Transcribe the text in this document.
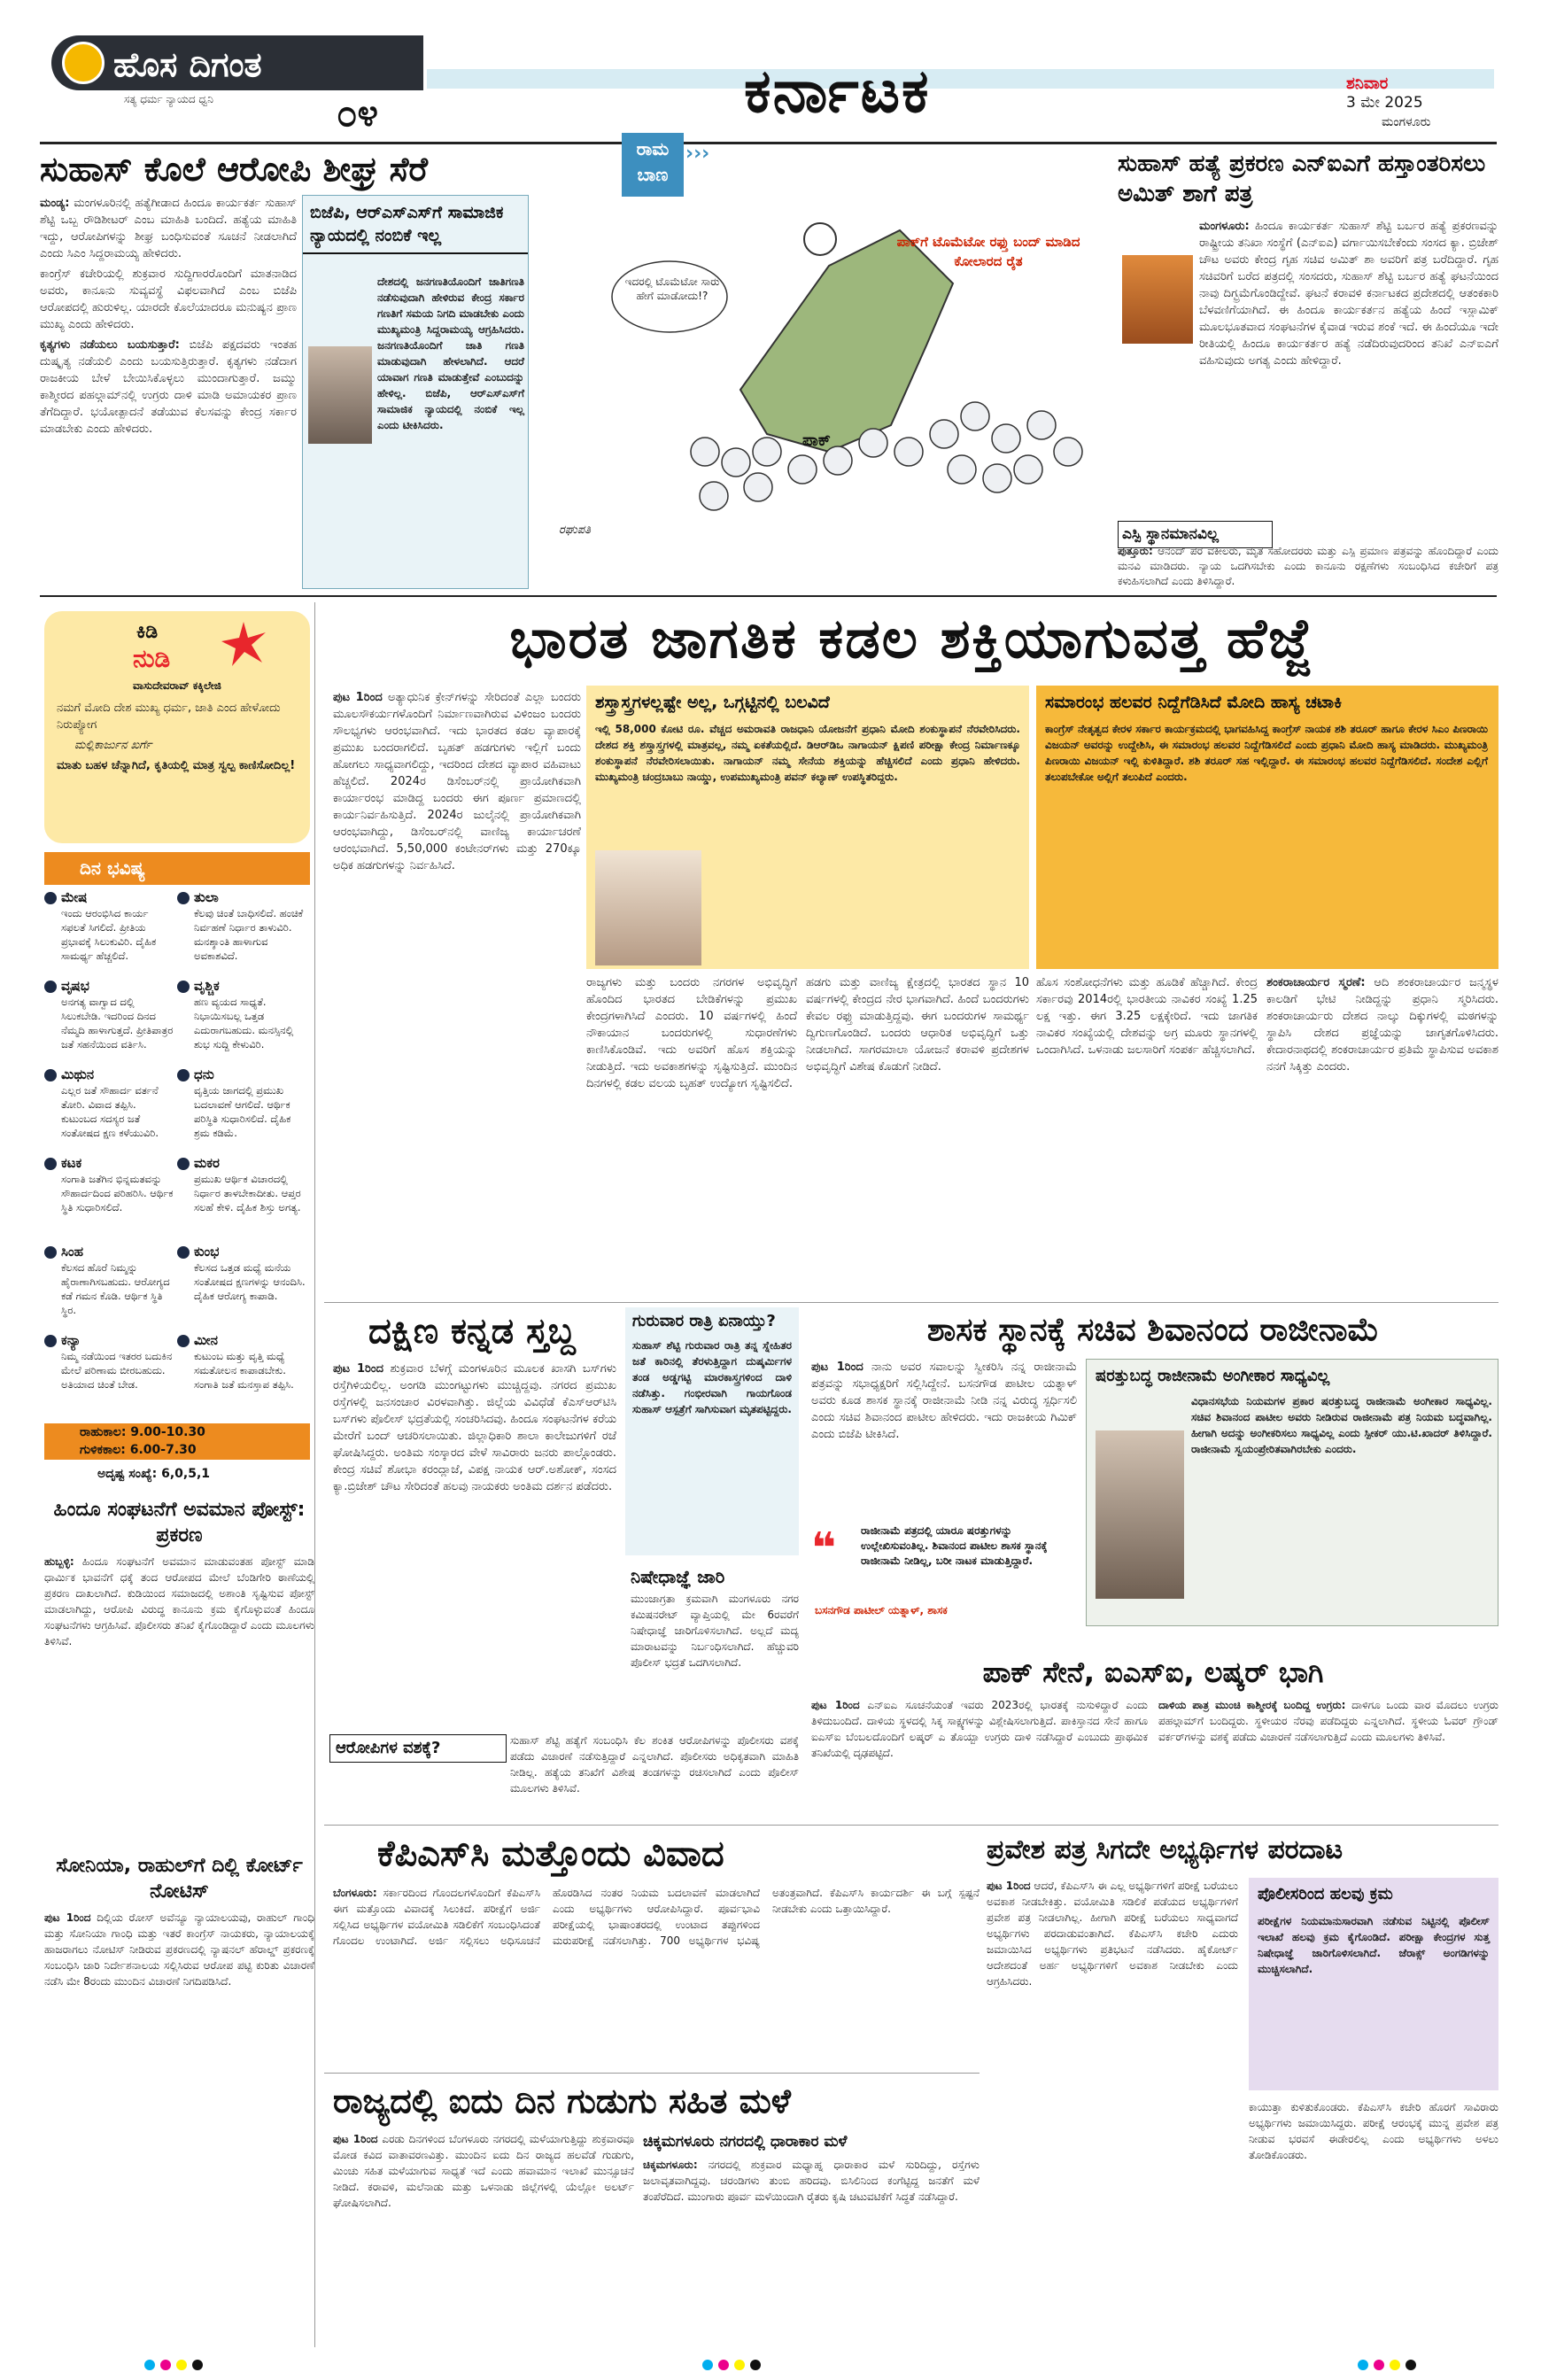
ಹೊಸ ದಿಗಂತ
ಸತ್ಯ ಧರ್ಮ ನ್ಯಾಯದ ಧ್ವನಿ	೦೪	ಕರ್ನಾಟಕ	ಶನಿವಾರ
3 ಮೇ 2025
ಮಂಗಳೂರು
ಸುಹಾಸ್ ಕೊಲೆ ಆರೋಪಿ ಶೀಘ್ರ ಸೆರೆ

ಮಂಡ್ಯ: ಮಂಗಳೂರಿನಲ್ಲಿ ಹತ್ಯೆಗೀಡಾದ ಹಿಂದೂ ಕಾರ್ಯಕರ್ತ ಸುಹಾಸ್ ಶೆಟ್ಟಿ ಒಬ್ಬ ರೌಡಿಶೀಟರ್ ಎಂಬ ಮಾಹಿತಿ ಬಂದಿದೆ. ಹತ್ಯೆಯ ಮಾಹಿತಿ ಇದ್ದು, ಆರೋಪಿಗಳನ್ನು ಶೀಘ್ರ ಬಂಧಿಸುವಂತೆ ಸೂಚನೆ ನೀಡಲಾಗಿದೆ ಎಂದು ಸಿಎಂ ಸಿದ್ದರಾಮಯ್ಯ ಹೇಳಿದರು.

ಕಾಂಗ್ರೆಸ್ ಕಚೇರಿಯಲ್ಲಿ ಶುಕ್ರವಾರ ಸುದ್ದಿಗಾರರೊಂದಿಗೆ ಮಾತನಾಡಿದ ಅವರು, ಕಾನೂನು ಸುವ್ಯವಸ್ಥೆ ವಿಫಲವಾಗಿದೆ ಎಂಬ ಬಿಜೆಪಿ ಆರೋಪದಲ್ಲಿ ಹುರುಳಿಲ್ಲ. ಯಾರದೇ ಕೊಲೆಯಾದರೂ ಮನುಷ್ಯನ ಪ್ರಾಣ ಮುಖ್ಯ ಎಂದು ಹೇಳಿದರು.

ಕೃತ್ಯಗಳು ನಡೆಯಲು ಬಯಸುತ್ತಾರೆ: ಬಿಜೆಪಿ ಪಕ್ಷದವರು ಇಂತಹ ದುಷ್ಕೃತ್ಯ ನಡೆಯಲಿ ಎಂದು ಬಯಸುತ್ತಿರುತ್ತಾರೆ. ಕೃತ್ಯಗಳು ನಡೆದಾಗ ರಾಜಕೀಯ ಬೇಳೆ ಬೇಯಿಸಿಕೊಳ್ಳಲು ಮುಂದಾಗುತ್ತಾರೆ. ಜಮ್ಮು ಕಾಶ್ಮೀರದ ಪಹಲ್ಗಾಮ್‌ನಲ್ಲಿ ಉಗ್ರರು ದಾಳಿ ಮಾಡಿ ಅಮಾಯಕರ ಪ್ರಾಣ ತೆಗೆದಿದ್ದಾರೆ. ಭಯೋತ್ಪಾದನೆ ತಡೆಯುವ ಕೆಲಸವನ್ನು ಕೇಂದ್ರ ಸರ್ಕಾರ ಮಾಡಬೇಕು ಎಂದು ಹೇಳಿದರು.

ಬಿಜೆಪಿ, ಆರ್‌ಎಸ್‌ಎಸ್‌ಗೆ ಸಾಮಾಜಿಕ ನ್ಯಾಯದಲ್ಲಿ ನಂಬಿಕೆ ಇಲ್ಲ
ದೇಶದಲ್ಲಿ ಜನಗಣತಿಯೊಂದಿಗೆ ಜಾತಿಗಣತಿ ನಡೆಸುವುದಾಗಿ ಹೇಳಿರುವ ಕೇಂದ್ರ ಸರ್ಕಾರ ಗಣತಿಗೆ ಸಮಯ ನಿಗದಿ ಮಾಡಬೇಕು ಎಂದು ಮುಖ್ಯಮಂತ್ರಿ ಸಿದ್ದರಾಮಯ್ಯ ಆಗ್ರಹಿಸಿದರು. ಜನಗಣತಿಯೊಂದಿಗೆ ಜಾತಿ ಗಣತಿ ಮಾಡುವುದಾಗಿ ಹೇಳಲಾಗಿದೆ. ಆದರೆ ಯಾವಾಗ ಗಣತಿ ಮಾಡುತ್ತೇವೆ ಎಂಬುದನ್ನು ಹೇಳಿಲ್ಲ. ಬಿಜೆಪಿ, ಆರ್‌ಎಸ್‌ಎಸ್‌ಗೆ ಸಾಮಾಜಿಕ ನ್ಯಾಯದಲ್ಲಿ ನಂಬಿಕೆ ಇಲ್ಲ ಎಂದು ಟೀಕಿಸಿದರು.
ರಾಮ
ಬಾಣ
›››
ಇದರಲ್ಲಿ ಟೊಮೆಟೋ ಸಾರು ಹೇಗೆ ಮಾಡೋದು!?
ಪಾಕ್‌ಗೆ ಟೊಮೆಟೋ ರಫ್ತು ಬಂದ್ ಮಾಡಿದ ಕೋಲಾರದ ರೈತ
ಪಾಕ್
ರಘುಪತಿ
ಸುಹಾಸ್ ಹತ್ಯೆ ಪ್ರಕರಣ ಎನ್‌ಐಎಗೆ ಹಸ್ತಾಂತರಿಸಲು ಅಮಿತ್ ಶಾಗೆ ಪತ್ರ

ಮಂಗಳೂರು: ಹಿಂದೂ ಕಾರ್ಯಕರ್ತ ಸುಹಾಸ್ ಶೆಟ್ಟಿ ಬರ್ಬರ ಹತ್ಯೆ ಪ್ರಕರಣವನ್ನು ರಾಷ್ಟ್ರೀಯ ತನಿಖಾ ಸಂಸ್ಥೆಗೆ (ಎನ್‌ಐಎ) ವರ್ಗಾಯಿಸಬೇಕೆಂದು ಸಂಸದ ಕ್ಯಾ. ಬ್ರಿಜೇಶ್ ಚೌಟ ಅವರು ಕೇಂದ್ರ ಗೃಹ ಸಚಿವ ಅಮಿತ್ ಶಾ ಅವರಿಗೆ ಪತ್ರ ಬರೆದಿದ್ದಾರೆ. ಗೃಹ ಸಚಿವರಿಗೆ ಬರೆದ ಪತ್ರದಲ್ಲಿ ಸಂಸದರು, ಸುಹಾಸ್ ಶೆಟ್ಟಿ ಬರ್ಬರ ಹತ್ಯೆ ಘಟನೆಯಿಂದ ನಾವು ದಿಗ್ಭ್ರಮೆಗೊಂಡಿದ್ದೇವೆ. ಘಟನೆ ಕರಾವಳಿ ಕರ್ನಾಟಕದ ಪ್ರದೇಶದಲ್ಲಿ ಆತಂಕಕಾರಿ ಬೆಳವಣಿಗೆಯಾಗಿದೆ. ಈ ಹಿಂದೂ ಕಾರ್ಯಕರ್ತನ ಹತ್ಯೆಯ ಹಿಂದೆ ಇಸ್ಲಾಮಿಕ್ ಮೂಲಭೂತವಾದ ಸಂಘಟನೆಗಳ ಕೈವಾಡ ಇರುವ ಶಂಕೆ ಇದೆ. ಈ ಹಿಂದೆಯೂ ಇದೇ ರೀತಿಯಲ್ಲಿ ಹಿಂದೂ ಕಾರ್ಯಕರ್ತರ ಹತ್ಯೆ ನಡೆದಿರುವುದರಿಂದ ತನಿಖೆ ಎನ್‌ಐಎಗೆ ವಹಿಸುವುದು ಅಗತ್ಯ ಎಂದು ಹೇಳಿದ್ದಾರೆ.

ಎಸ್ಪಿ ಸ್ಥಾನಮಾನವಿಲ್ಲ
ಪುತ್ತೂರು: ಆನಂದ್ ಪರ ವಕೀಲರು, ಮೃತ ಸಹೋದರರು ಮತ್ತು ಎಸ್ಪಿ ಪ್ರಮಾಣ ಪತ್ರವನ್ನು ಹೊಂದಿದ್ದಾರೆ ಎಂದು ಮನವಿ ಮಾಡಿದರು. ನ್ಯಾಯ ಒದಗಿಸಬೇಕು ಎಂದು ಕಾನೂನು ರಕ್ಷಣೆಗಳು ಸಂಬಂಧಿಸಿದ ಕಚೇರಿಗೆ ಪತ್ರ ಕಳುಹಿಸಲಾಗಿದೆ ಎಂದು ತಿಳಿಸಿದ್ದಾರೆ.
ಕಿಡಿ
ನುಡಿ
ವಾಸುದೇವರಾವ್ ಕಕ್ಕಿಲೇಜಿ
ನಮಗೆ ಮೋದಿ ದೇಶ ಮುಖ್ಯ ಧರ್ಮ, ಜಾತಿ ಎಂದ ಹೇಳೋದು ನಿರುಪ್ಯೋಗ
ಮಲ್ಲಿಕಾರ್ಜುನ ಖರ್ಗೆ
ಮಾತು ಬಹಳ ಚೆನ್ನಾಗಿದೆ, ಕೃತಿಯಲ್ಲಿ ಮಾತ್ರ ಸ್ವಲ್ಪ ಕಾಣಿಸೋದಿಲ್ಲ!
ದಿನ ಭವಿಷ್ಯ
ಮೇಷ
ಇಂದು ಆರಂಭಿಸಿದ ಕಾರ್ಯ ಸಫಲತೆ ಸಿಗಲಿದೆ. ಪ್ರೀತಿಯ ಪ್ರಭಾವಕ್ಕೆ ಸಿಲುಕುವಿರಿ. ದೈಹಿಕ ಸಾಮರ್ಥ್ಯ ಹೆಚ್ಚಲಿದೆ.
ತುಲಾ
ಕೆಲವು ಚಿಂತೆ ಬಾಧಿಸಲಿದೆ. ಹಂಚಿಕೆ ನಿರ್ವಹಣೆ ನಿರ್ಧಾರ ತಾಳುವಿರಿ. ಮನಶ್ಶಾಂತಿ ಹಾಳಾಗುವ ಅವಕಾಶವಿದೆ.
ವೃಷಭ
ಅನಗತ್ಯ ವಾಗ್ವಾದ ದಲ್ಲಿ ಸಿಲುಕಬೇಡಿ. ಇದರಿಂದ ದಿನದ ನೆಮ್ಮದಿ ಹಾಳಾಗುತ್ತದೆ. ಪ್ರೀತಿಪಾತ್ರರ ಜತೆ ಸಹನೆಯಿಂದ ವರ್ತಿಸಿ.
ವೃಶ್ಚಿಕ
ಹಣ ವ್ಯಯದ ಸಾಧ್ಯತೆ. ನಿಭಾಯಿಸಬಲ್ಲ ಒತ್ತಡ ಎದುರಾಗಬಹುದು. ಮನಸ್ಸಿನಲ್ಲಿ ಶುಭ ಸುದ್ದಿ ಕೇಳುವಿರಿ.
ಮಿಥುನ
ಎಲ್ಲರ ಜತೆ ಸೌಹಾರ್ದ ವರ್ತನೆ ತೋರಿ. ವಿವಾದ ತಪ್ಪಿಸಿ. ಕುಟುಂಬದ ಸದಸ್ಯರ ಜತೆ ಸಂತೋಷದ ಕ್ಷಣ ಕಳೆಯುವಿರಿ.
ಧನು
ವೃತ್ತಿಯ ಜಾಗದಲ್ಲಿ ಪ್ರಮುಖ ಬದಲಾವಣೆ ಆಗಲಿದೆ. ಆರ್ಥಿಕ ಪರಿಸ್ಥಿತಿ ಸುಧಾರಿಸಲಿದೆ. ದೈಹಿಕ ಶ್ರಮ ಕಡಿಮೆ.
ಕಟಕ
ಸಂಗಾತಿ ಜತೆಗಿನ ಭಿನ್ನಮತವನ್ನು ಸೌಹಾರ್ದದಿಂದ ಪರಿಹರಿಸಿ. ಆರ್ಥಿಕ ಸ್ಥಿತಿ ಸುಧಾರಿಸಲಿದೆ.
ಮಕರ
ಪ್ರಮುಖ ಆರ್ಥಿಕ ವಿಚಾರದಲ್ಲಿ ನಿರ್ಧಾರ ತಾಳಬೇಕಾದೀತು. ಆಪ್ತರ ಸಲಹೆ ಕೇಳಿ. ದೈಹಿಕ ಶಿಸ್ತು ಅಗತ್ಯ.
ಸಿಂಹ
ಕೆಲಸದ ಹೊರೆ ನಿಮ್ಮನ್ನು ಹೈರಾಣಾಗಿಸಬಹುದು. ಆರೋಗ್ಯದ ಕಡೆ ಗಮನ ಕೊಡಿ. ಆರ್ಥಿಕ ಸ್ಥಿತಿ ಸ್ಥಿರ.
ಕುಂಭ
ಕೆಲಸದ ಒತ್ತಡ ಮಧ್ಯೆ ಮನೆಯ ಸಂತೋಷದ ಕ್ಷಣಗಳನ್ನು ಆನಂದಿಸಿ. ದೈಹಿಕ ಆರೋಗ್ಯ ಕಾಪಾಡಿ.
ಕನ್ಯಾ
ನಿಮ್ಮ ನಡೆಯಿಂದ ಇತರರ ಬದುಕಿನ ಮೇಲೆ ಪರಿಣಾಮ ಬೀರಬಹುದು. ಅತಿಯಾದ ಚಿಂತೆ ಬೇಡ.
ಮೀನ
ಕುಟುಂಬ ಮತ್ತು ವೃತ್ತಿ ಮಧ್ಯೆ ಸಮತೋಲನ ಕಾಪಾಡಬೇಕು. ಸಂಗಾತಿ ಜತೆ ಮನಸ್ತಾಪ ತಪ್ಪಿಸಿ.
ರಾಹುಕಾಲ: 9.00-10.30
ಗುಳಿಕಕಾಲ: 6.00-7.30
ಅದೃಷ್ಟ ಸಂಖ್ಯೆ: 6,0,5,1
ಹಿಂದೂ ಸಂಘಟನೆಗೆ ಅವಮಾನ ಪೋಸ್ಟ್: ಪ್ರಕರಣ
ಹುಬ್ಬಳ್ಳಿ: ಹಿಂದೂ ಸಂಘಟನೆಗೆ ಅವಮಾನ ಮಾಡುವಂತಹ ಪೋಸ್ಟ್ ಮಾಡಿ ಧಾರ್ಮಿಕ ಭಾವನೆಗೆ ಧಕ್ಕೆ ತಂದ ಆರೋಪದ ಮೇಲೆ ಬೆಂಡಿಗೇರಿ ಠಾಣೆಯಲ್ಲಿ ಪ್ರಕರಣ ದಾಖಲಾಗಿದೆ. ಕುಡಿಯಿಂದ ಸಮಾಜದಲ್ಲಿ ಅಶಾಂತಿ ಸೃಷ್ಟಿಸುವ ಪೋಸ್ಟ್ ಮಾಡಲಾಗಿದ್ದು, ಆರೋಪಿ ವಿರುದ್ಧ ಕಾನೂನು ಕ್ರಮ ಕೈಗೊಳ್ಳುವಂತೆ ಹಿಂದೂ ಸಂಘಟನೆಗಳು ಆಗ್ರಹಿಸಿವೆ. ಪೊಲೀಸರು ತನಿಖೆ ಕೈಗೊಂಡಿದ್ದಾರೆ ಎಂದು ಮೂಲಗಳು ತಿಳಿಸಿವೆ.
ಸೋನಿಯಾ, ರಾಹುಲ್‌ಗೆ ದಿಲ್ಲಿ ಕೋರ್ಟ್ ನೋಟಿಸ್
ಪುಟ 1ರಿಂದ ದಿಲ್ಲಿಯ ರೋಸ್ ಅವೆನ್ಯೂ ನ್ಯಾಯಾಲಯವು, ರಾಹುಲ್ ಗಾಂಧಿ ಮತ್ತು ಸೋನಿಯಾ ಗಾಂಧಿ ಮತ್ತು ಇತರೆ ಕಾಂಗ್ರೆಸ್ ನಾಯಕರು, ನ್ಯಾಯಾಲಯಕ್ಕೆ ಹಾಜರಾಗಲು ನೋಟಿಸ್ ನೀಡಿರುವ ಪ್ರಕರಣದಲ್ಲಿ ನ್ಯಾಷನಲ್ ಹೆರಾಲ್ಡ್ ಪ್ರಕರಣಕ್ಕೆ ಸಂಬಂಧಿಸಿ ಜಾರಿ ನಿರ್ದೇಶನಾಲಯ ಸಲ್ಲಿಸಿರುವ ಆರೋಪ ಪಟ್ಟಿ ಕುರಿತು ವಿಚಾರಣೆ ನಡೆಸಿ ಮೇ 8ರಂದು ಮುಂದಿನ ವಿಚಾರಣೆ ನಿಗದಿಪಡಿಸಿದೆ.
ಭಾರತ ಜಾಗತಿಕ ಕಡಲ ಶಕ್ತಿಯಾಗುವತ್ತ ಹೆಜ್ಜೆ
ಪುಟ 1ರಿಂದ ಅತ್ಯಾಧುನಿಕ ಕ್ರೇನ್‌ಗಳನ್ನು ಸೇರಿದಂತೆ ಎಲ್ಲಾ ಬಂದರು ಮೂಲಸೌಕರ್ಯಗಳೊಂದಿಗೆ ನಿರ್ಮಾಣವಾಗಿರುವ ವಿಳಿಂಜಂ ಬಂದರು ಸೌಲಭ್ಯಗಳು ಆರಂಭವಾಗಿದೆ. ಇದು ಭಾರತದ ಕಡಲ ವ್ಯಾಪಾರಕ್ಕೆ ಪ್ರಮುಖ ಬಂದರಾಗಲಿದೆ. ಬೃಹತ್ ಹಡಗುಗಳು ಇಲ್ಲಿಗೆ ಬಂದು ಹೋಗಲು ಸಾಧ್ಯವಾಗಲಿದ್ದು, ಇದರಿಂದ ದೇಶದ ವ್ಯಾಪಾರ ವಹಿವಾಟು ಹೆಚ್ಚಲಿದೆ. 2024ರ ಡಿಸೆಂಬರ್‌ನಲ್ಲಿ ಪ್ರಾಯೋಗಿಕವಾಗಿ ಕಾರ್ಯಾರಂಭ ಮಾಡಿದ್ದ ಬಂದರು ಈಗ ಪೂರ್ಣ ಪ್ರಮಾಣದಲ್ಲಿ ಕಾರ್ಯನಿರ್ವಹಿಸುತ್ತಿದೆ. 2024ರ ಜುಲೈನಲ್ಲಿ ಪ್ರಾಯೋಗಿಕವಾಗಿ ಆರಂಭವಾಗಿದ್ದು, ಡಿಸೆಂಬರ್‌ನಲ್ಲಿ ವಾಣಿಜ್ಯ ಕಾರ್ಯಾಚರಣೆ ಆರಂಭವಾಗಿದೆ. 5,50,000 ಕಂಟೇನರ್‌ಗಳು ಮತ್ತು 270ಕ್ಕೂ ಅಧಿಕ ಹಡಗುಗಳನ್ನು ನಿರ್ವಹಿಸಿದೆ.
ಶಸ್ತ್ರಾಸ್ತ್ರಗಳಲ್ಲಷ್ಟೇ ಅಲ್ಲ, ಒಗ್ಗಟ್ಟಿನಲ್ಲಿ ಬಲವಿದೆ
ಇಲ್ಲಿ 58,000 ಕೋಟಿ ರೂ. ವೆಚ್ಚದ ಅಮರಾವತಿ ರಾಜಧಾನಿ ಯೋಜನೆಗೆ ಪ್ರಧಾನಿ ಮೋದಿ ಶಂಕುಸ್ಥಾಪನೆ ನೆರವೇರಿಸಿದರು. ದೇಶದ ಶಕ್ತಿ ಶಸ್ತ್ರಾಸ್ತ್ರಗಳಲ್ಲಿ ಮಾತ್ರವಲ್ಲ, ನಮ್ಮ ಏಕತೆಯಲ್ಲಿದೆ. ಡಿಆರ್‌ಡಿಒ ನಾಗಾಯನ್ ಕ್ಷಿಪಣಿ ಪರೀಕ್ಷಾ ಕೇಂದ್ರ ನಿರ್ಮಾಣಕ್ಕೂ ಶಂಕುಸ್ಥಾಪನೆ ನೆರವೇರಿಸಲಾಯಿತು. ನಾಗಾಯನ್ ನಮ್ಮ ಸೇನೆಯ ಶಕ್ತಿಯನ್ನು ಹೆಚ್ಚಿಸಲಿದೆ ಎಂದು ಪ್ರಧಾನಿ ಹೇಳಿದರು. ಮುಖ್ಯಮಂತ್ರಿ ಚಂದ್ರಬಾಬು ನಾಯ್ಡು, ಉಪಮುಖ್ಯಮಂತ್ರಿ ಪವನ್ ಕಲ್ಯಾಣ್ ಉಪಸ್ಥಿತರಿದ್ದರು.
ಸಮಾರಂಭ ಹಲವರ ನಿದ್ದೆಗೆಡಿಸಿದೆ ಮೋದಿ ಹಾಸ್ಯ ಚಟಾಕಿ
ಕಾಂಗ್ರೆಸ್ ನೇತೃತ್ವದ ಕೇರಳ ಸರ್ಕಾರ ಕಾರ್ಯಕ್ರಮದಲ್ಲಿ ಭಾಗವಹಿಸಿದ್ದ ಕಾಂಗ್ರೆಸ್ ನಾಯಕ ಶಶಿ ತರೂರ್ ಹಾಗೂ ಕೇರಳ ಸಿಎಂ ಪಿಣರಾಯಿ ವಿಜಯನ್ ಅವರನ್ನು ಉದ್ದೇಶಿಸಿ, ಈ ಸಮಾರಂಭ ಹಲವರ ನಿದ್ದೆಗೆಡಿಸಲಿದೆ ಎಂದು ಪ್ರಧಾನಿ ಮೋದಿ ಹಾಸ್ಯ ಮಾಡಿದರು. ಮುಖ್ಯಮಂತ್ರಿ ಪಿಣರಾಯಿ ವಿಜಯನ್ ಇಲ್ಲಿ ಕುಳಿತಿದ್ದಾರೆ. ಶಶಿ ತರೂರ್ ಸಹ ಇಲ್ಲಿದ್ದಾರೆ. ಈ ಸಮಾರಂಭ ಹಲವರ ನಿದ್ದೆಗೆಡಿಸಲಿದೆ. ಸಂದೇಶ ಎಲ್ಲಿಗೆ ತಲುಪಬೇಕೋ ಅಲ್ಲಿಗೆ ತಲುಪಿದೆ ಎಂದರು.
ರಾಜ್ಯಗಳು ಮತ್ತು ಬಂದರು ನಗರಗಳ ಅಭಿವೃದ್ಧಿಗೆ ಹೊಂದಿದ ಭಾರತದ ಬೇಡಿಕೆಗಳನ್ನು ಪ್ರಮುಖ ಕೇಂದ್ರಗಳಾಗಿಸಿದೆ ಎಂದರು. 10 ವರ್ಷಗಳಲ್ಲಿ ಹಿಂದೆ ನೌಕಾಯಾನ ಬಂದರುಗಳಲ್ಲಿ ಸುಧಾರಣೆಗಳು ಕಾಣಿಸಿಕೊಂಡಿವೆ. ಇದು ಅವರಿಗೆ ಹೊಸ ಶಕ್ತಿಯನ್ನು ನೀಡುತ್ತಿದೆ. ಇದು ಅವಕಾಶಗಳನ್ನು ಸೃಷ್ಟಿಸುತ್ತಿದೆ. ಮುಂದಿನ ದಿನಗಳಲ್ಲಿ ಕಡಲ ವಲಯ ಬೃಹತ್ ಉದ್ಯೋಗ ಸೃಷ್ಟಿಸಲಿದೆ.
ಹಡಗು ಮತ್ತು ವಾಣಿಜ್ಯ ಕ್ಷೇತ್ರದಲ್ಲಿ ಭಾರತದ ಸ್ಥಾನ 10 ವರ್ಷಗಳಲ್ಲಿ ಕೇಂದ್ರದ ನೇರ ಭಾಗವಾಗಿದೆ. ಹಿಂದೆ ಬಂದರುಗಳು ಕೇವಲ ರಫ್ತು ಮಾಡುತ್ತಿದ್ದವು. ಈಗ ಬಂದರುಗಳ ಸಾಮರ್ಥ್ಯ ದ್ವಿಗುಣಗೊಂಡಿದೆ. ಬಂದರು ಆಧಾರಿತ ಅಭಿವೃದ್ಧಿಗೆ ಒತ್ತು ನೀಡಲಾಗಿದೆ. ಸಾಗರಮಾಲಾ ಯೋಜನೆ ಕರಾವಳಿ ಪ್ರದೇಶಗಳ ಅಭಿವೃದ್ಧಿಗೆ ವಿಶೇಷ ಕೊಡುಗೆ ನೀಡಿದೆ.
ಹೊಸ ಸಂಶೋಧನೆಗಳು ಮತ್ತು ಹೂಡಿಕೆ ಹೆಚ್ಚಾಗಿದೆ. ಕೇಂದ್ರ ಸರ್ಕಾರವು 2014ರಲ್ಲಿ ಭಾರತೀಯ ನಾವಿಕರ ಸಂಖ್ಯೆ 1.25 ಲಕ್ಷ ಇತ್ತು. ಈಗ 3.25 ಲಕ್ಷಕ್ಕೇರಿದೆ. ಇದು ಜಾಗತಿಕ ನಾವಿಕರ ಸಂಖ್ಯೆಯಲ್ಲಿ ದೇಶವನ್ನು ಅಗ್ರ ಮೂರು ಸ್ಥಾನಗಳಲ್ಲಿ ಒಂದಾಗಿಸಿದೆ. ಒಳನಾಡು ಜಲಸಾರಿಗೆ ಸಂಪರ್ಕ ಹೆಚ್ಚಿಸಲಾಗಿದೆ.
ಶಂಕರಾಚಾರ್ಯರ ಸ್ಮರಣೆ: ಆದಿ ಶಂಕರಾಚಾರ್ಯರ ಜನ್ಮಸ್ಥಳ ಕಾಲಡಿಗೆ ಭೇಟಿ ನೀಡಿದ್ದನ್ನು ಪ್ರಧಾನಿ ಸ್ಮರಿಸಿದರು. ಶಂಕರಾಚಾರ್ಯರು ದೇಶದ ನಾಲ್ಕು ದಿಕ್ಕುಗಳಲ್ಲಿ ಮಠಗಳನ್ನು ಸ್ಥಾಪಿಸಿ ದೇಶದ ಪ್ರಜ್ಞೆಯನ್ನು ಜಾಗೃತಗೊಳಿಸಿದರು. ಕೇದಾರನಾಥದಲ್ಲಿ ಶಂಕರಾಚಾರ್ಯರ ಪ್ರತಿಮೆ ಸ್ಥಾಪಿಸುವ ಅವಕಾಶ ನನಗೆ ಸಿಕ್ಕಿತ್ತು ಎಂದರು.
ದಕ್ಷಿಣ ಕನ್ನಡ ಸ್ತಬ್ದ
ಪುಟ 1ರಿಂದ ಶುಕ್ರವಾರ ಬೆಳಗ್ಗೆ ಮಂಗಳೂರಿನ ಮೂಲಕ ಖಾಸಗಿ ಬಸ್‌ಗಳು ರಸ್ತೆಗಿಳಿಯಲಿಲ್ಲ. ಅಂಗಡಿ ಮುಂಗಟ್ಟುಗಳು ಮುಚ್ಚಿದ್ದವು. ನಗರದ ಪ್ರಮುಖ ರಸ್ತೆಗಳಲ್ಲಿ ಜನಸಂಚಾರ ವಿರಳವಾಗಿತ್ತು. ಜಿಲ್ಲೆಯ ವಿವಿಧೆಡೆ ಕೆಎಸ್‌ಆರ್‌ಟಿಸಿ ಬಸ್‌ಗಳು ಪೊಲೀಸ್ ಭದ್ರತೆಯಲ್ಲಿ ಸಂಚರಿಸಿದವು. ಹಿಂದೂ ಸಂಘಟನೆಗಳ ಕರೆಯ ಮೇರೆಗೆ ಬಂದ್ ಆಚರಿಸಲಾಯಿತು. ಜಿಲ್ಲಾಧಿಕಾರಿ ಶಾಲಾ ಕಾಲೇಜುಗಳಿಗೆ ರಜೆ ಘೋಷಿಸಿದ್ದರು. ಅಂತಿಮ ಸಂಸ್ಕಾರದ ವೇಳೆ ಸಾವಿರಾರು ಜನರು ಪಾಲ್ಗೊಂಡರು. ಕೇಂದ್ರ ಸಚಿವೆ ಶೋಭಾ ಕರಂದ್ಲಾಜೆ, ವಿಪಕ್ಷ ನಾಯಕ ಆರ್.ಅಶೋಕ್, ಸಂಸದ ಕ್ಯಾ.ಬ್ರಿಜೇಶ್ ಚೌಟ ಸೇರಿದಂತೆ ಹಲವು ನಾಯಕರು ಅಂತಿಮ ದರ್ಶನ ಪಡೆದರು.
ಗುರುವಾರ ರಾತ್ರಿ ಏನಾಯ್ತು?
ಸುಹಾಸ್ ಶೆಟ್ಟಿ ಗುರುವಾರ ರಾತ್ರಿ ತನ್ನ ಸ್ನೇಹಿತರ ಜತೆ ಕಾರಿನಲ್ಲಿ ತೆರಳುತ್ತಿದ್ದಾಗ ದುಷ್ಕರ್ಮಿಗಳ ತಂಡ ಅಡ್ಡಗಟ್ಟಿ ಮಾರಕಾಸ್ತ್ರಗಳಿಂದ ದಾಳಿ ನಡೆಸಿತ್ತು. ಗಂಭೀರವಾಗಿ ಗಾಯಗೊಂಡ ಸುಹಾಸ್ ಆಸ್ಪತ್ರೆಗೆ ಸಾಗಿಸುವಾಗ ಮೃತಪಟ್ಟಿದ್ದರು.
ನಿಷೇಧಾಜ್ಞೆ ಜಾರಿ
ಮುಂಜಾಗ್ರತಾ ಕ್ರಮವಾಗಿ ಮಂಗಳೂರು ನಗರ ಕಮಿಷನರೇಟ್ ವ್ಯಾಪ್ತಿಯಲ್ಲಿ ಮೇ 6ರವರೆಗೆ ನಿಷೇಧಾಜ್ಞೆ ಜಾರಿಗೊಳಿಸಲಾಗಿದೆ. ಅಲ್ಲದೆ ಮದ್ಯ ಮಾರಾಟವನ್ನು ನಿರ್ಬಂಧಿಸಲಾಗಿದೆ. ಹೆಚ್ಚುವರಿ ಪೊಲೀಸ್ ಭದ್ರತೆ ಒದಗಿಸಲಾಗಿದೆ.
ಆರೋಪಿಗಳ ವಶಕ್ಕೆ?	ಸುಹಾಸ್ ಶೆಟ್ಟಿ ಹತ್ಯೆಗೆ ಸಂಬಂಧಿಸಿ ಕೆಲ ಶಂಕಿತ ಆರೋಪಿಗಳನ್ನು ಪೊಲೀಸರು ವಶಕ್ಕೆ ಪಡೆದು ವಿಚಾರಣೆ ನಡೆಸುತ್ತಿದ್ದಾರೆ ಎನ್ನಲಾಗಿದೆ. ಪೊಲೀಸರು ಅಧಿಕೃತವಾಗಿ ಮಾಹಿತಿ ನೀಡಿಲ್ಲ. ಹತ್ಯೆಯ ತನಿಖೆಗೆ ವಿಶೇಷ ತಂಡಗಳನ್ನು ರಚಿಸಲಾಗಿದೆ ಎಂದು ಪೊಲೀಸ್ ಮೂಲಗಳು ತಿಳಿಸಿವೆ.
ಶಾಸಕ ಸ್ಥಾನಕ್ಕೆ ಸಚಿವ ಶಿವಾನಂದ ರಾಜೀನಾಮೆ
ಪುಟ 1ರಿಂದ ನಾನು ಅವರ ಸವಾಲನ್ನು ಸ್ವೀಕರಿಸಿ ನನ್ನ ರಾಜೀನಾಮೆ ಪತ್ರವನ್ನು ಸಭಾಧ್ಯಕ್ಷರಿಗೆ ಸಲ್ಲಿಸಿದ್ದೇನೆ. ಬಸನಗೌಡ ಪಾಟೀಲ ಯತ್ನಾಳ್ ಅವರು ಕೂಡ ಶಾಸಕ ಸ್ಥಾನಕ್ಕೆ ರಾಜೀನಾಮೆ ನೀಡಿ ನನ್ನ ವಿರುದ್ಧ ಸ್ಪರ್ಧಿಸಲಿ ಎಂದು ಸಚಿವ ಶಿವಾನಂದ ಪಾಟೀಲ ಹೇಳಿದರು. ಇದು ರಾಜಕೀಯ ಗಿಮಿಕ್ ಎಂದು ಬಿಜೆಪಿ ಟೀಕಿಸಿದೆ.
❝ ರಾಜೀನಾಮೆ ಪತ್ರದಲ್ಲಿ ಯಾರೂ ಷರತ್ತುಗಳನ್ನು ಉಲ್ಲೇಖಿಸುವಂತಿಲ್ಲ. ಶಿವಾನಂದ ಪಾಟೀಲ ಶಾಸಕ ಸ್ಥಾನಕ್ಕೆ ರಾಜೀನಾಮೆ ನೀಡಿಲ್ಲ, ಬರೀ ನಾಟಕ ಮಾಡುತ್ತಿದ್ದಾರೆ.
ಬಸನಗೌಡ ಪಾಟೀಲ್ ಯತ್ನಾಳ್, ಶಾಸಕ
ಷರತ್ತುಬದ್ಧ ರಾಜೀನಾಮೆ ಅಂಗೀಕಾರ ಸಾಧ್ಯವಿಲ್ಲ
ವಿಧಾನಸಭೆಯ ನಿಯಮಗಳ ಪ್ರಕಾರ ಷರತ್ತುಬದ್ಧ ರಾಜೀನಾಮೆ ಅಂಗೀಕಾರ ಸಾಧ್ಯವಿಲ್ಲ. ಸಚಿವ ಶಿವಾನಂದ ಪಾಟೀಲ ಅವರು ನೀಡಿರುವ ರಾಜೀನಾಮೆ ಪತ್ರ ನಿಯಮ ಬದ್ಧವಾಗಿಲ್ಲ. ಹೀಗಾಗಿ ಅದನ್ನು ಅಂಗೀಕರಿಸಲು ಸಾಧ್ಯವಿಲ್ಲ ಎಂದು ಸ್ಪೀಕರ್ ಯು.ಟಿ.ಖಾದರ್ ತಿಳಿಸಿದ್ದಾರೆ. ರಾಜೀನಾಮೆ ಸ್ವಯಂಪ್ರೇರಿತವಾಗಿರಬೇಕು ಎಂದರು.
ಪಾಕ್ ಸೇನೆ, ಐಎಸ್‌ಐ, ಲಷ್ಕರ್ ಭಾಗಿ
ಪುಟ 1ರಿಂದ ಎನ್‌ಐಎ ಸೂಚನೆಯಂತೆ ಇವರು 2023ರಲ್ಲಿ ಭಾರತಕ್ಕೆ ನುಸುಳಿದ್ದಾರೆ ಎಂದು ತಿಳಿದುಬಂದಿದೆ. ದಾಳಿಯ ಸ್ಥಳದಲ್ಲಿ ಸಿಕ್ಕ ಸಾಕ್ಷ್ಯಗಳನ್ನು ವಿಶ್ಲೇಷಿಸಲಾಗುತ್ತಿದೆ. ಪಾಕಿಸ್ತಾನದ ಸೇನೆ ಹಾಗೂ ಐಎಸ್‌ಐ ಬೆಂಬಲದೊಂದಿಗೆ ಲಷ್ಕರ್ ಎ ತೊಯ್ಬಾ ಉಗ್ರರು ದಾಳಿ ನಡೆಸಿದ್ದಾರೆ ಎಂಬುದು ಪ್ರಾಥಮಿಕ ತನಿಖೆಯಲ್ಲಿ ದೃಢಪಟ್ಟಿದೆ.
ದಾಳಿಯ ಪಾತ್ರ ಮುಂಚಿ ಕಾಶ್ಮೀರಕ್ಕೆ ಬಂದಿದ್ದ ಉಗ್ರರು: ದಾಳಿಗೂ ಒಂದು ವಾರ ಮೊದಲು ಉಗ್ರರು ಪಹಲ್ಗಾಮ್‌ಗೆ ಬಂದಿದ್ದರು. ಸ್ಥಳೀಯರ ನೆರವು ಪಡೆದಿದ್ದರು ಎನ್ನಲಾಗಿದೆ. ಸ್ಥಳೀಯ ಓವರ್ ಗ್ರೌಂಡ್ ವರ್ಕರ್‌ಗಳನ್ನು ವಶಕ್ಕೆ ಪಡೆದು ವಿಚಾರಣೆ ನಡೆಸಲಾಗುತ್ತಿದೆ ಎಂದು ಮೂಲಗಳು ತಿಳಿಸಿವೆ.
ಕೆಪಿಎಸ್‌ಸಿ ಮತ್ತೊಂದು ವಿವಾದ
ಬೆಂಗಳೂರು: ಸರ್ಕಾರದಿಂದ ಗೊಂದಲಗಳೊಂದಿಗೆ ಕೆಪಿಎಸ್‌ಸಿ ಈಗ ಮತ್ತೊಂದು ವಿವಾದಕ್ಕೆ ಸಿಲುಕಿದೆ. ಪರೀಕ್ಷೆಗೆ ಅರ್ಜಿ ಸಲ್ಲಿಸಿದ ಅಭ್ಯರ್ಥಿಗಳ ವಯೋಮಿತಿ ಸಡಿಲಿಕೆಗೆ ಸಂಬಂಧಿಸಿದಂತೆ ಗೊಂದಲ ಉಂಟಾಗಿದೆ. ಅರ್ಜಿ ಸಲ್ಲಿಸಲು ಅಧಿಸೂಚನೆ ಹೊರಡಿಸಿದ ನಂತರ ನಿಯಮ ಬದಲಾವಣೆ ಮಾಡಲಾಗಿದೆ ಎಂದು ಅಭ್ಯರ್ಥಿಗಳು ಆರೋಪಿಸಿದ್ದಾರೆ. ಪೂರ್ವಭಾವಿ ಪರೀಕ್ಷೆಯಲ್ಲಿ ಭಾಷಾಂತರದಲ್ಲಿ ಉಂಟಾದ ತಪ್ಪುಗಳಿಂದ ಮರುಪರೀಕ್ಷೆ ನಡೆಸಲಾಗಿತ್ತು. 700 ಅಭ್ಯರ್ಥಿಗಳ ಭವಿಷ್ಯ ಅತಂತ್ರವಾಗಿದೆ. ಕೆಪಿಎಸ್‌ಸಿ ಕಾರ್ಯದರ್ಶಿ ಈ ಬಗ್ಗೆ ಸ್ಪಷ್ಟನೆ ನೀಡಬೇಕು ಎಂದು ಒತ್ತಾಯಿಸಿದ್ದಾರೆ.
ಪ್ರವೇಶ ಪತ್ರ ಸಿಗದೇ ಅಭ್ಯರ್ಥಿಗಳ ಪರದಾಟ
ಪುಟ 1ರಿಂದ ಆದರೆ, ಕೆಪಿಎಸ್‌ಸಿ ಈ ಎಲ್ಲ ಅಭ್ಯರ್ಥಿಗಳಿಗೆ ಪರೀಕ್ಷೆ ಬರೆಯಲು ಅವಕಾಶ ನೀಡಬೇಕಿತ್ತು. ವಯೋಮಿತಿ ಸಡಿಲಿಕೆ ಪಡೆಯದ ಅಭ್ಯರ್ಥಿಗಳಿಗೆ ಪ್ರವೇಶ ಪತ್ರ ನೀಡಲಾಗಿಲ್ಲ. ಹೀಗಾಗಿ ಪರೀಕ್ಷೆ ಬರೆಯಲು ಸಾಧ್ಯವಾಗದೆ ಅಭ್ಯರ್ಥಿಗಳು ಪರದಾಡುವಂತಾಗಿದೆ. ಕೆಪಿಎಸ್‌ಸಿ ಕಚೇರಿ ಎದುರು ಜಮಾಯಿಸಿದ ಅಭ್ಯರ್ಥಿಗಳು ಪ್ರತಿಭಟನೆ ನಡೆಸಿದರು. ಹೈಕೋರ್ಟ್ ಆದೇಶದಂತೆ ಅರ್ಹ ಅಭ್ಯರ್ಥಿಗಳಿಗೆ ಅವಕಾಶ ನೀಡಬೇಕು ಎಂದು ಆಗ್ರಹಿಸಿದರು.
ಪೊಲೀಸರಿಂದ ಹಲವು ಕ್ರಮ
ಪರೀಕ್ಷೆಗಳ ನಿಯಮಾನುಸಾರವಾಗಿ ನಡೆಸುವ ನಿಟ್ಟಿನಲ್ಲಿ ಪೊಲೀಸ್ ಇಲಾಖೆ ಹಲವು ಕ್ರಮ ಕೈಗೊಂಡಿದೆ. ಪರೀಕ್ಷಾ ಕೇಂದ್ರಗಳ ಸುತ್ತ ನಿಷೇಧಾಜ್ಞೆ ಜಾರಿಗೊಳಿಸಲಾಗಿದೆ. ಜೆರಾಕ್ಸ್ ಅಂಗಡಿಗಳನ್ನು ಮುಚ್ಚಿಸಲಾಗಿದೆ.
ಕಾಯುತ್ತಾ ಕುಳಿತುಕೊಂಡರು. ಕೆಪಿಎಸ್‌ಸಿ ಕಚೇರಿ ಹೊರಗೆ ಸಾವಿರಾರು ಅಭ್ಯರ್ಥಿಗಳು ಜಮಾಯಿಸಿದ್ದರು. ಪರೀಕ್ಷೆ ಆರಂಭಕ್ಕೆ ಮುನ್ನ ಪ್ರವೇಶ ಪತ್ರ ನೀಡುವ ಭರವಸೆ ಈಡೇರಲಿಲ್ಲ ಎಂದು ಅಭ್ಯರ್ಥಿಗಳು ಅಳಲು ತೋಡಿಕೊಂಡರು.
ರಾಜ್ಯದಲ್ಲಿ ಐದು ದಿನ ಗುಡುಗು ಸಹಿತ ಮಳೆ
ಪುಟ 1ರಿಂದ ಎರಡು ದಿನಗಳಿಂದ ಬೆಂಗಳೂರು ನಗರದಲ್ಲಿ ಮಳೆಯಾಗುತ್ತಿದ್ದು ಶುಕ್ರವಾರವೂ ಮೋಡ ಕವಿದ ವಾತಾವರಣವಿತ್ತು. ಮುಂದಿನ ಐದು ದಿನ ರಾಜ್ಯದ ಹಲವೆಡೆ ಗುಡುಗು, ಮಿಂಚು ಸಹಿತ ಮಳೆಯಾಗುವ ಸಾಧ್ಯತೆ ಇದೆ ಎಂದು ಹವಾಮಾನ ಇಲಾಖೆ ಮುನ್ಸೂಚನೆ ನೀಡಿದೆ. ಕರಾವಳಿ, ಮಲೆನಾಡು ಮತ್ತು ಒಳನಾಡು ಜಿಲ್ಲೆಗಳಲ್ಲಿ ಯೆಲ್ಲೋ ಅಲರ್ಟ್ ಘೋಷಿಸಲಾಗಿದೆ.
ಚಿಕ್ಕಮಗಳೂರು ನಗರದಲ್ಲಿ ಧಾರಾಕಾರ ಮಳೆ
ಚಿಕ್ಕಮಗಳೂರು: ನಗರದಲ್ಲಿ ಶುಕ್ರವಾರ ಮಧ್ಯಾಹ್ನ ಧಾರಾಕಾರ ಮಳೆ ಸುರಿದಿದ್ದು, ರಸ್ತೆಗಳು ಜಲಾವೃತವಾಗಿದ್ದವು. ಚರಂಡಿಗಳು ತುಂಬಿ ಹರಿದವು. ಬಿಸಿಲಿನಿಂದ ಕಂಗೆಟ್ಟಿದ್ದ ಜನತೆಗೆ ಮಳೆ ತಂಪೆರೆದಿದೆ. ಮುಂಗಾರು ಪೂರ್ವ ಮಳೆಯಿಂದಾಗಿ ರೈತರು ಕೃಷಿ ಚಟುವಟಿಕೆಗೆ ಸಿದ್ಧತೆ ನಡೆಸಿದ್ದಾರೆ.
